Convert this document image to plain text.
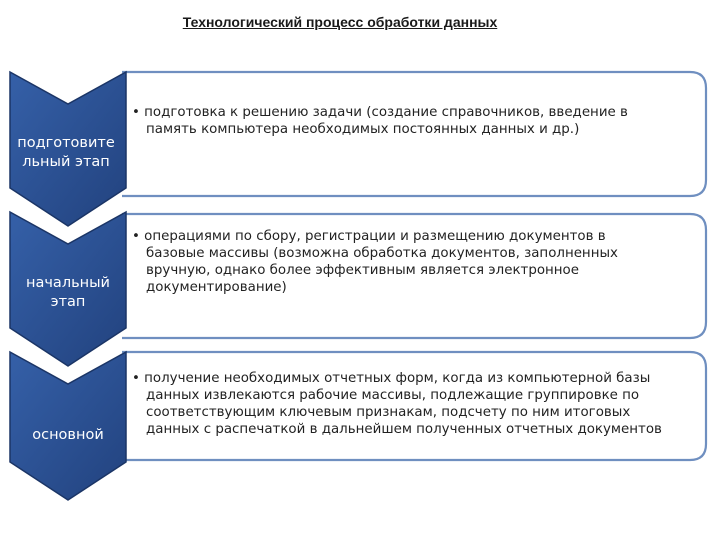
Технологический процесс обработки данных
подготовите
льный этап
начальный
этап
основной
• подготовка к решению задачи (создание справочников, введение в
память компьютера необходимых постоянных данных и др.)
• операциями по сбору, регистрации и размещению документов в
базовые массивы (возможна обработка документов, заполненных
вручную, однако более эффективным является электронное
документирование)
• получение необходимых отчетных форм, когда из компьютерной базы
данных извлекаются рабочие массивы, подлежащие группировке по
соответствующим ключевым признакам, подсчету по ним итоговых
данных с распечаткой в дальнейшем полученных отчетных документов
